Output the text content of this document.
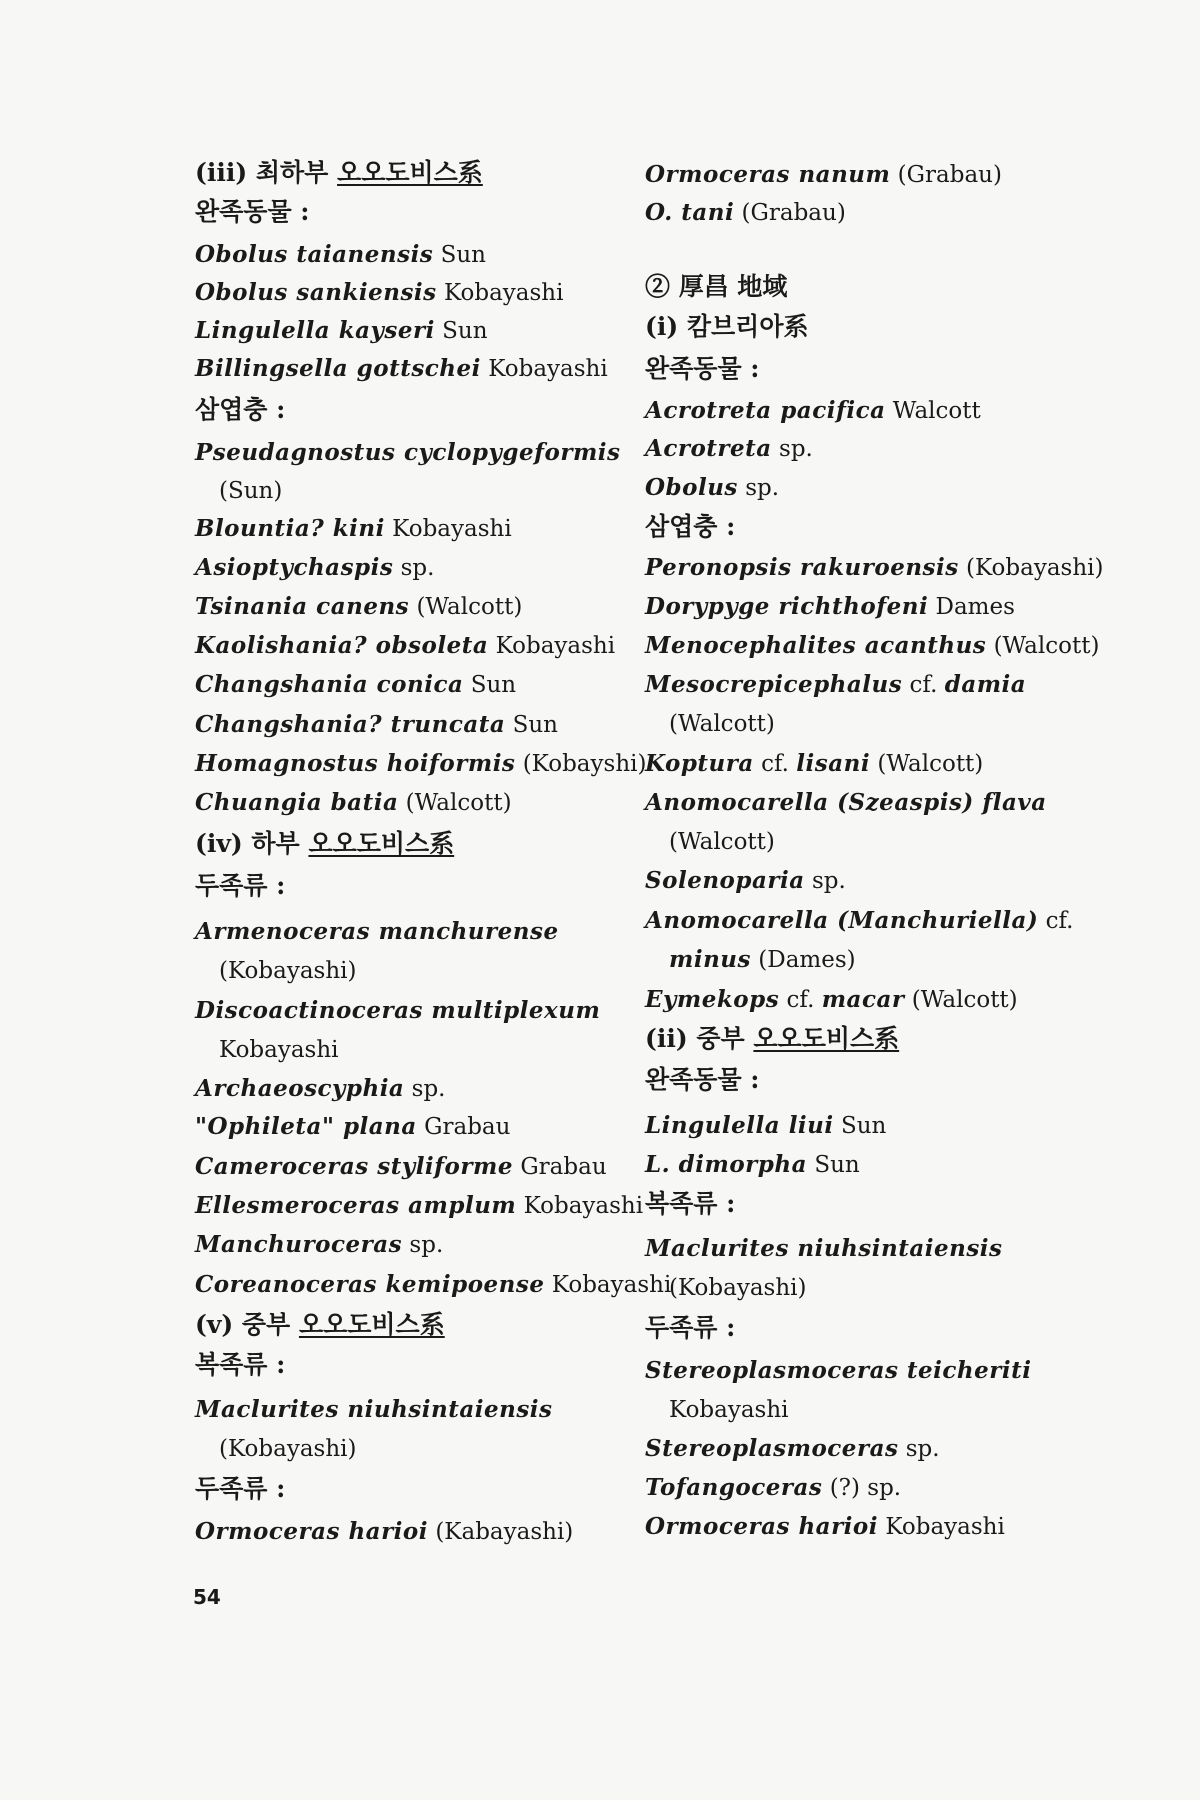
(iii) 최하부 오오도비스系
완족동물 :
Obolus taianensis Sun
Obolus sankiensis Kobayashi
Lingulella kayseri Sun
Billingsella gottschei Kobayashi
삼엽충 :
Pseudagnostus cyclopygeformis
(Sun)
Blountia? kini Kobayashi
Asioptychaspis sp.
Tsinania canens (Walcott)
Kaolishania? obsoleta Kobayashi
Changshania conica Sun
Changshania? truncata Sun
Homagnostus hoiformis (Kobayshi)
Chuangia batia (Walcott)
(iv) 하부 오오도비스系
두족류 :
Armenoceras manchurense
(Kobayashi)
Discoactinoceras multiplexum
Kobayashi
Archaeoscyphia sp.
"Ophileta" plana Grabau
Cameroceras styliforme Grabau
Ellesmeroceras amplum Kobayashi
Manchuroceras sp.
Coreanoceras kemipoense Kobayashi
(v) 중부 오오도비스系
복족류 :
Maclurites niuhsintaiensis
(Kobayashi)
두족류 :
Ormoceras harioi (Kabayashi)
Ormoceras nanum (Grabau)
O. tani (Grabau)
② 厚昌 地域
(i) 캄브리아系
완족동물 :
Acrotreta pacifica Walcott
Acrotreta sp.
Obolus sp.
삼엽충 :
Peronopsis rakuroensis (Kobayashi)
Dorypyge richthofeni Dames
Menocephalites acanthus (Walcott)
Mesocrepicephalus cf. damia
(Walcott)
Koptura cf. lisani (Walcott)
Anomocarella (Szeaspis) flava
(Walcott)
Solenoparia sp.
Anomocarella (Manchuriella) cf.
minus (Dames)
Eymekops cf. macar (Walcott)
(ii) 중부 오오도비스系
완족동물 :
Lingulella liui Sun
L. dimorpha Sun
복족류 :
Maclurites niuhsintaiensis
(Kobayashi)
두족류 :
Stereoplasmoceras teicheriti
Kobayashi
Stereoplasmoceras sp.
Tofangoceras (?) sp.
Ormoceras harioi Kobayashi
54
